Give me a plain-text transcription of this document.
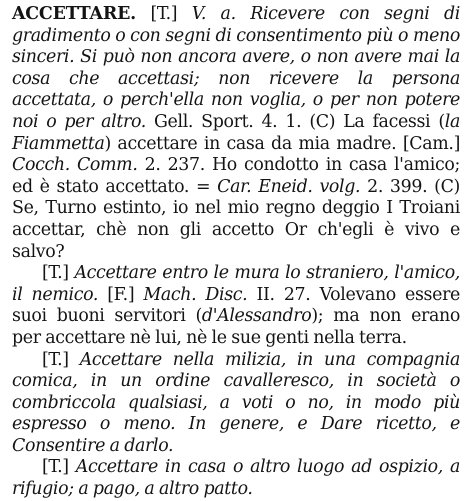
ACCETTARE. [T.] V. a. Ricevere con segni di gradimento o con segni di consentimento più o meno sinceri. Si può non ancora avere, o non avere mai la cosa che accettasi; non ricevere la persona accettata, o perch'ella non voglia, o per non potere noi o per altro. Gell. Sport. 4. 1. (C) La facessi (la Fiammetta) accettare in casa da mia madre. [Cam.] Cocch. Comm. 2. 237. Ho condotto in casa l'amico; ed è stato accettato. = Car. Eneid. volg. 2. 399. (C) Se, Turno estinto, io nel mio regno deggio I Troiani accettar, chè non gli accetto Or ch'egli è vivo e salvo?

[T.] Accettare entro le mura lo straniero, l'amico, il nemico. [F.] Mach. Disc. II. 27. Volevano essere suoi buoni servitori (d'Alessandro); ma non erano per accettare nè lui, nè le sue genti nella terra.

[T.] Accettare nella milizia, in una compagnia comica, in un ordine cavalleresco, in società o combriccola qualsiasi, a voti o no, in modo più espresso o meno. In genere, e Dare ricetto, e Consentire a darlo.

[T.] Accettare in casa o altro luogo ad ospizio, a rifugio; a pago, a altro patto.
